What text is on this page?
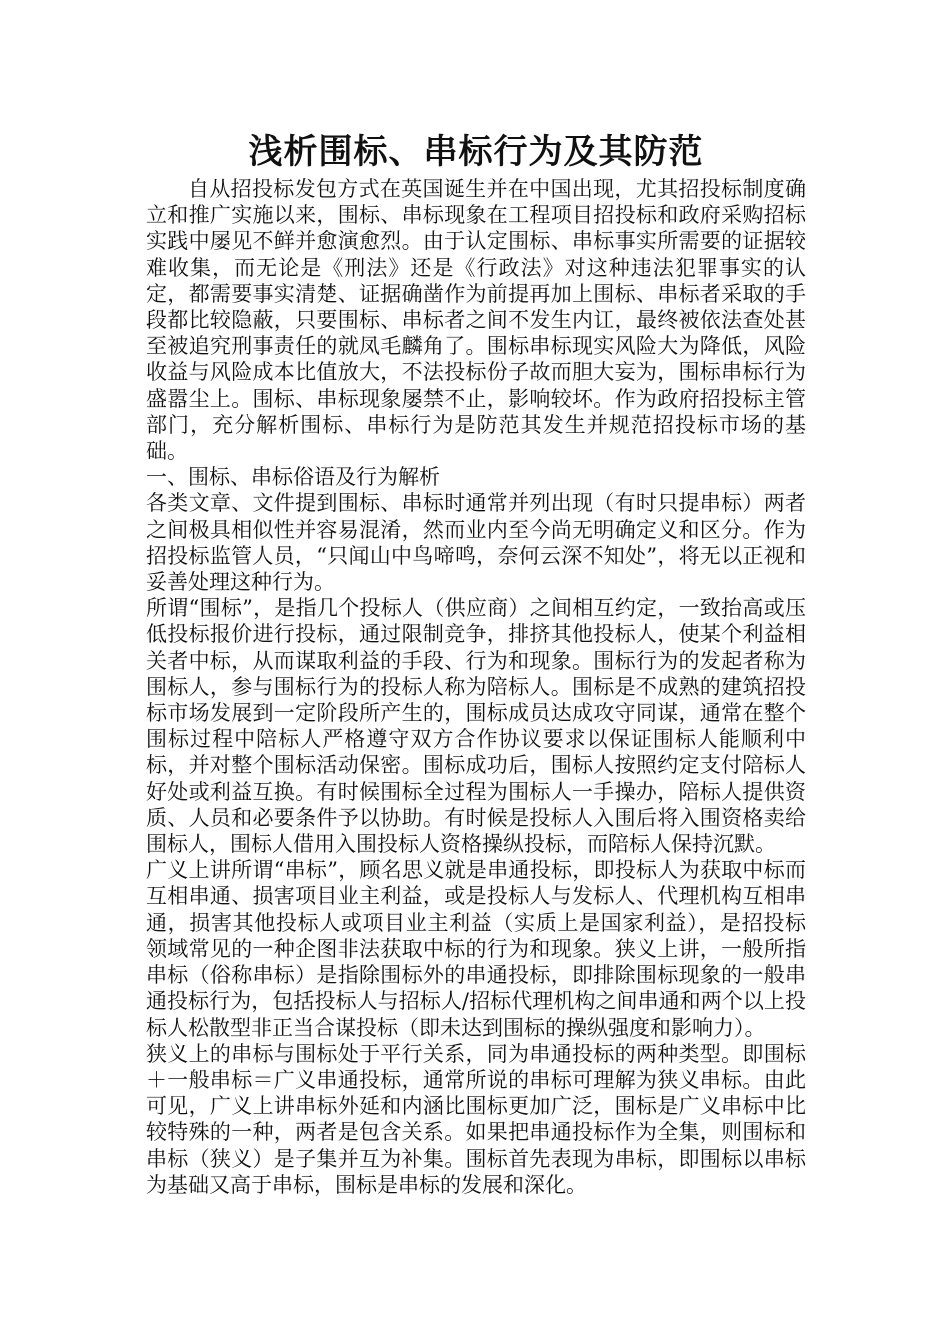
浅析围标、串标行为及其防范

自从招投标发包方式在英国诞生并在中国出现，尤其招投标制度确立和推广实施以来，围标、串标现象在工程项目招投标和政府采购招标实践中屡见不鲜并愈演愈烈。由于认定围标、串标事实所需要的证据较难收集，而无论是《刑法》还是《行政法》对这种违法犯罪事实的认定，都需要事实清楚、证据确凿作为前提再加上围标、串标者采取的手段都比较隐蔽，只要围标、串标者之间不发生内讧，最终被依法查处甚至被追究刑事责任的就凤毛麟角了。围标串标现实风险大为降低，风险收益与风险成本比值放大，不法投标份子故而胆大妄为，围标串标行为盛嚣尘上。围标、串标现象屡禁不止，影响较坏。作为政府招投标主管部门，充分解析围标、串标行为是防范其发生并规范招投标市场的基础。

一、围标、串标俗语及行为解析

各类文章、文件提到围标、串标时通常并列出现（有时只提串标）两者之间极具相似性并容易混淆，然而业内至今尚无明确定义和区分。作为招投标监管人员，“只闻山中鸟啼鸣，奈何云深不知处”，将无以正视和妥善处理这种行为。

所谓“围标”，是指几个投标人（供应商）之间相互约定，一致抬高或压低投标报价进行投标，通过限制竞争，排挤其他投标人，使某个利益相关者中标，从而谋取利益的手段、行为和现象。围标行为的发起者称为围标人，参与围标行为的投标人称为陪标人。围标是不成熟的建筑招投标市场发展到一定阶段所产生的，围标成员达成攻守同谋，通常在整个围标过程中陪标人严格遵守双方合作协议要求以保证围标人能顺利中标，并对整个围标活动保密。围标成功后，围标人按照约定支付陪标人好处或利益互换。有时候围标全过程为围标人一手操办，陪标人提供资质、人员和必要条件予以协助。有时候是投标人入围后将入围资格卖给围标人，围标人借用入围投标人资格操纵投标，而陪标人保持沉默。

广义上讲所谓“串标”，顾名思义就是串通投标，即投标人为获取中标而互相串通、损害项目业主利益，或是投标人与发标人、代理机构互相串通，损害其他投标人或项目业主利益（实质上是国家利益），是招投标领域常见的一种企图非法获取中标的行为和现象。狭义上讲，一般所指串标（俗称串标）是指除围标外的串通投标，即排除围标现象的一般串通投标行为，包括投标人与招标人/招标代理机构之间串通和两个以上投标人松散型非正当合谋投标（即未达到围标的操纵强度和影响力）。

狭义上的串标与围标处于平行关系，同为串通投标的两种类型。即围标＋一般串标＝广义串通投标，通常所说的串标可理解为狭义串标。由此可见，广义上讲串标外延和内涵比围标更加广泛，围标是广义串标中比较特殊的一种，两者是包含关系。如果把串通投标作为全集，则围标和串标（狭义）是子集并互为补集。围标首先表现为串标，即围标以串标为基础又高于串标，围标是串标的发展和深化。
